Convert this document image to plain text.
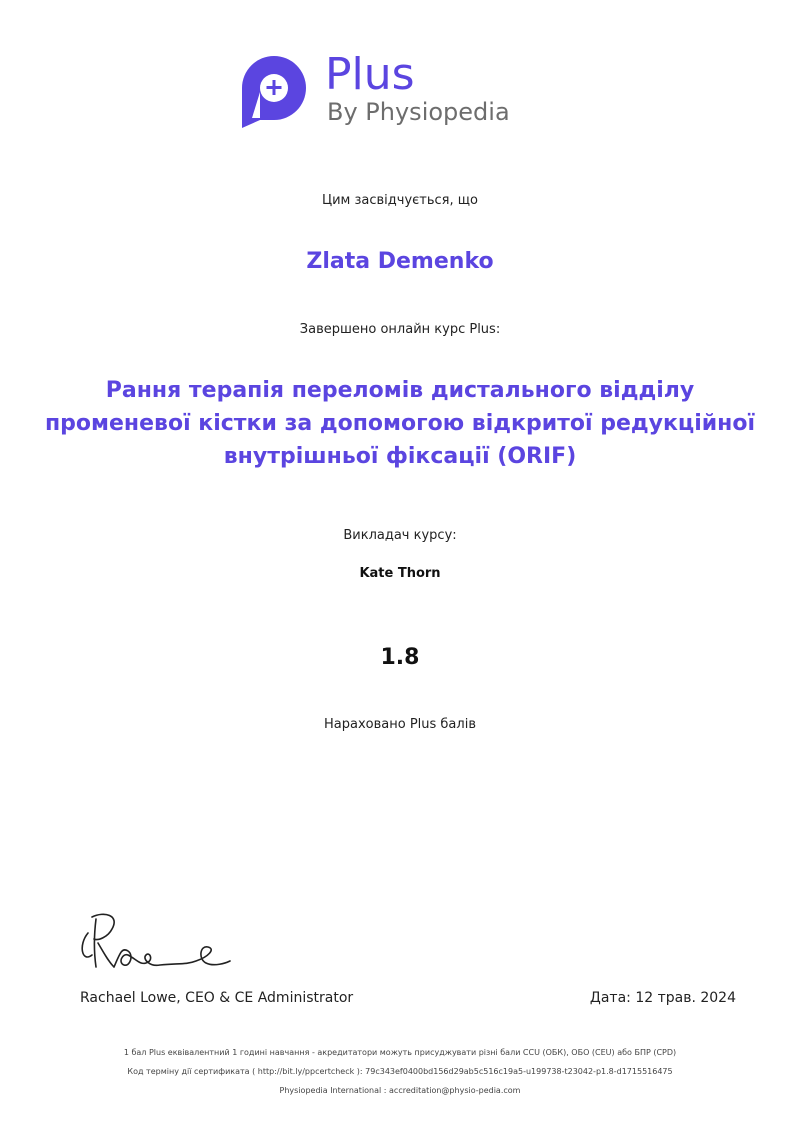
Plus
By Physiopedia
Цим засвідчується, що
Zlata Demenko
Завершено онлайн курс Plus:
Рання терапія переломів дистального відділу променевої кістки за допомогою відкритої редукційної внутрішньої фіксації (ORIF)
Викладач курсу:
Kate Thorn
1.8
Нараховано Plus балів
Rachael Lowe, CEO & CE Administrator	Дата: 12 трав. 2024
1 бал Plus еквівалентний 1 годині навчання - акредитатори можуть присуджувати різні бали CCU (ОБК), ОБО (CEU) або БПР (CPD)
Код терміну дії сертификата ( http://bit.ly/ppcertcheck ): 79c343ef0400bd156d29ab5c516c19a5-u199738-t23042-p1.8-d1715516475
Physiopedia International : accreditation@physio-pedia.com
